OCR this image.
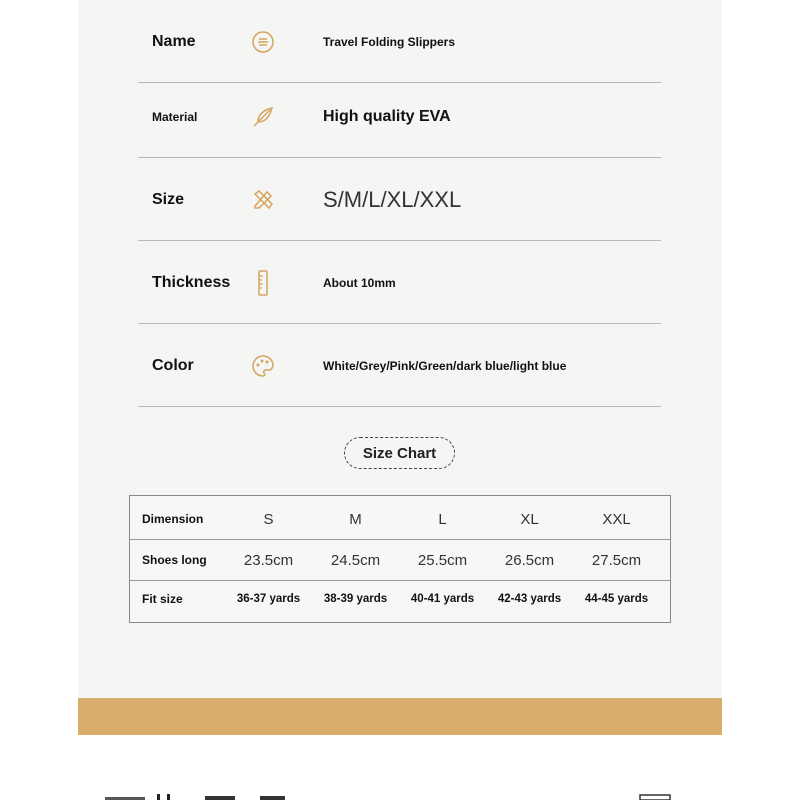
Name	Travel Folding Slippers
Material	High quality EVA
Size	S/M/L/XL/XXL
Thickness	About 10mm
Color	White/Grey/Pink/Green/dark blue/light blue
Size Chart
Dimension	S	M	L	XL	XXL
Shoes long	23.5cm	24.5cm	25.5cm	26.5cm	27.5cm
Fit size	36-37 yards	38-39 yards	40-41 yards	42-43 yards	44-45 yards
